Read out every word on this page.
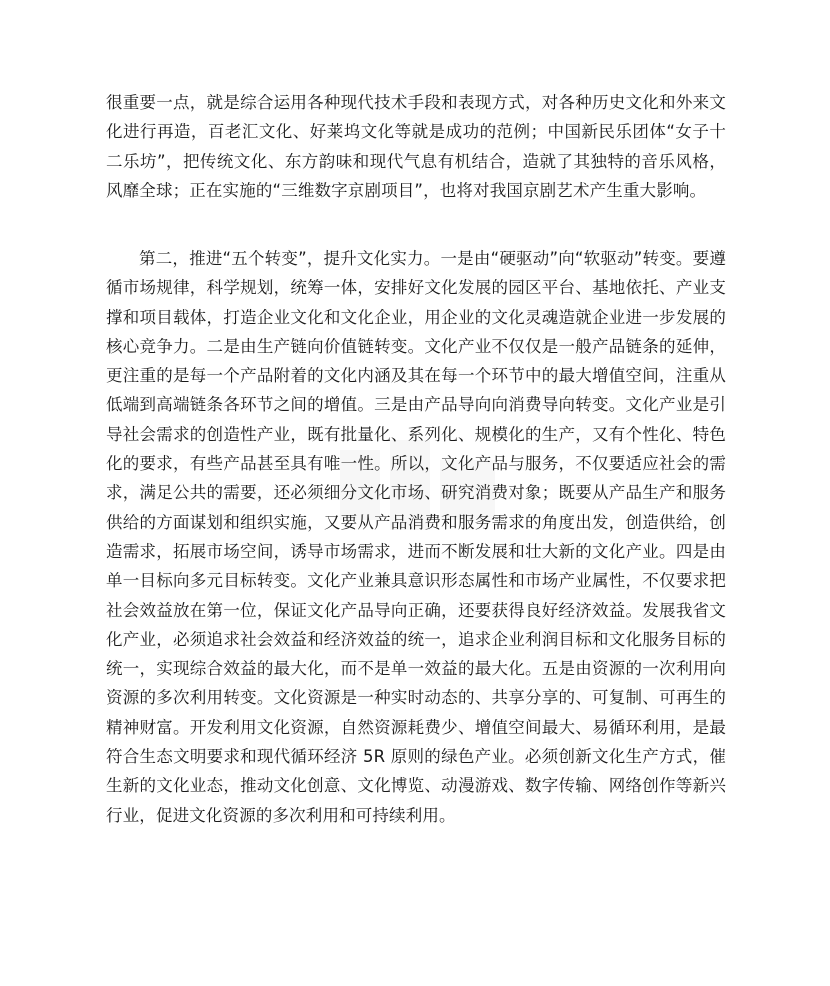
很重要一点，就是综合运用各种现代技术手段和表现方式，对各种历史文化和外来文化进行再造，百老汇文化、好莱坞文化等就是成功的范例；中国新民乐团体“女子十二乐坊”，把传统文化、东方韵味和现代气息有机结合，造就了其独特的音乐风格，风靡全球；正在实施的“三维数字京剧项目”，也将对我国京剧艺术产生重大影响。

第二，推进“五个转变”，提升文化实力。一是由“硬驱动”向“软驱动”转变。要遵循市场规律，科学规划，统筹一体，安排好文化发展的园区平台、基地依托、产业支撑和项目载体，打造企业文化和文化企业，用企业的文化灵魂造就企业进一步发展的核心竞争力。二是由生产链向价值链转变。文化产业不仅仅是一般产品链条的延伸，更注重的是每一个产品附着的文化内涵及其在每一个环节中的最大增值空间，注重从低端到高端链条各环节之间的增值。三是由产品导向向消费导向转变。文化产业是引导社会需求的创造性产业，既有批量化、系列化、规模化的生产，又有个性化、特色化的要求，有些产品甚至具有唯一性。所以，文化产品与服务，不仅要适应社会的需求，满足公共的需要，还必须细分文化市场、研究消费对象；既要从产品生产和服务供给的方面谋划和组织实施，又要从产品消费和服务需求的角度出发，创造供给，创造需求，拓展市场空间，诱导市场需求，进而不断发展和壮大新的文化产业。四是由单一目标向多元目标转变。文化产业兼具意识形态属性和市场产业属性，不仅要求把社会效益放在第一位，保证文化产品导向正确，还要获得良好经济效益。发展我省文化产业，必须追求社会效益和经济效益的统一，追求企业利润目标和文化服务目标的统一，实现综合效益的最大化，而不是单一效益的最大化。五是由资源的一次利用向资源的多次利用转变。文化资源是一种实时动态的、共享分享的、可复制、可再生的精神财富。开发利用文化资源，自然资源耗费少、增值空间最大、易循环利用，是最符合生态文明要求和现代循环经济 5R 原则的绿色产业。必须创新文化生产方式，催生新的文化业态，推动文化创意、文化博览、动漫游戏、数字传输、网络创作等新兴行业，促进文化资源的多次利用和可持续利用。
